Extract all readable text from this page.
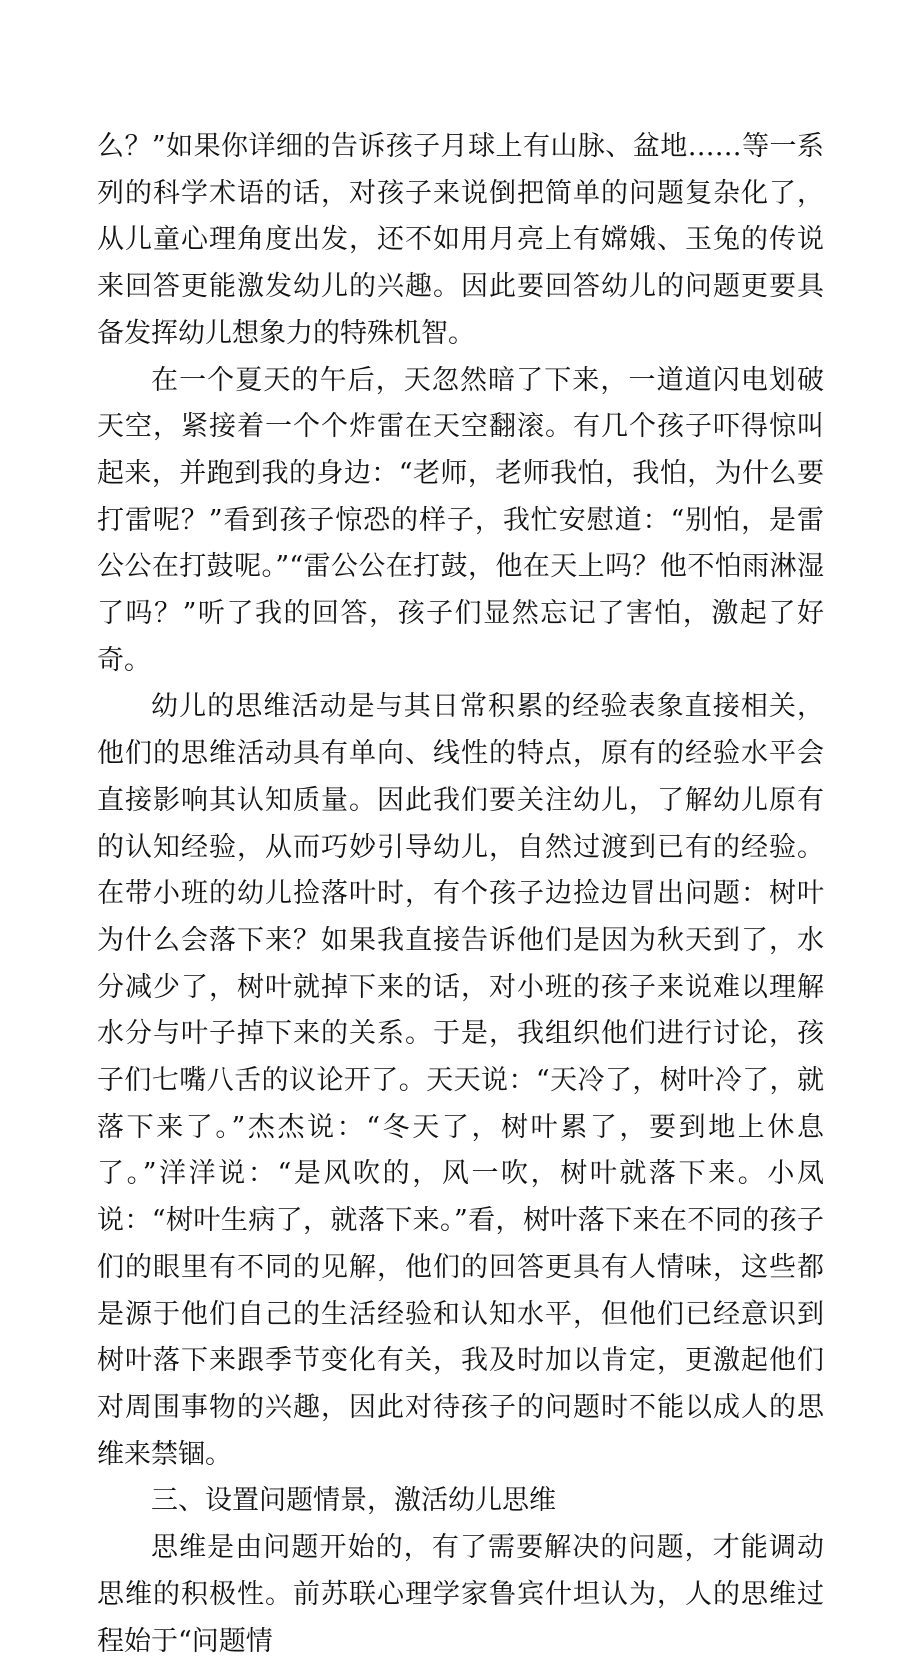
么？”如果你详细的告诉孩子月球上有山脉、盆地……等一系列的科学术语的话，对孩子来说倒把简单的问题复杂化了，从儿童心理角度出发，还不如用月亮上有嫦娥、玉兔的传说来回答更能激发幼儿的兴趣。因此要回答幼儿的问题更要具备发挥幼儿想象力的特殊机智。

在一个夏天的午后，天忽然暗了下来，一道道闪电划破天空，紧接着一个个炸雷在天空翻滚。有几个孩子吓得惊叫起来，并跑到我的身边：“老师，老师我怕，我怕，为什么要打雷呢？”看到孩子惊恐的样子，我忙安慰道：“别怕，是雷公公在打鼓呢。”“雷公公在打鼓，他在天上吗？他不怕雨淋湿了吗？”听了我的回答，孩子们显然忘记了害怕，激起了好奇。

幼儿的思维活动是与其日常积累的经验表象直接相关，他们的思维活动具有单向、线性的特点，原有的经验水平会直接影响其认知质量。因此我们要关注幼儿，了解幼儿原有的认知经验，从而巧妙引导幼儿，自然过渡到已有的经验。在带小班的幼儿捡落叶时，有个孩子边捡边冒出问题：树叶为什么会落下来？如果我直接告诉他们是因为秋天到了，水分减少了，树叶就掉下来的话，对小班的孩子来说难以理解水分与叶子掉下来的关系。于是，我组织他们进行讨论，孩子们七嘴八舌的议论开了。天天说：“天冷了，树叶冷了，就落下来了。”杰杰说：“冬天了，树叶累了，要到地上休息了。”洋洋说：“是风吹的，风一吹，树叶就落下来。小凤说：“树叶生病了，就落下来。”看，树叶落下来在不同的孩子们的眼里有不同的见解，他们的回答更具有人情味，这些都是源于他们自己的生活经验和认知水平，但他们已经意识到树叶落下来跟季节变化有关，我及时加以肯定，更激起他们对周围事物的兴趣，因此对待孩子的问题时不能以成人的思维来禁锢。

三、设置问题情景，激活幼儿思维

思维是由问题开始的，有了需要解决的问题，才能调动思维的积极性。前苏联心理学家鲁宾什坦认为，人的思维过程始于“问题情
